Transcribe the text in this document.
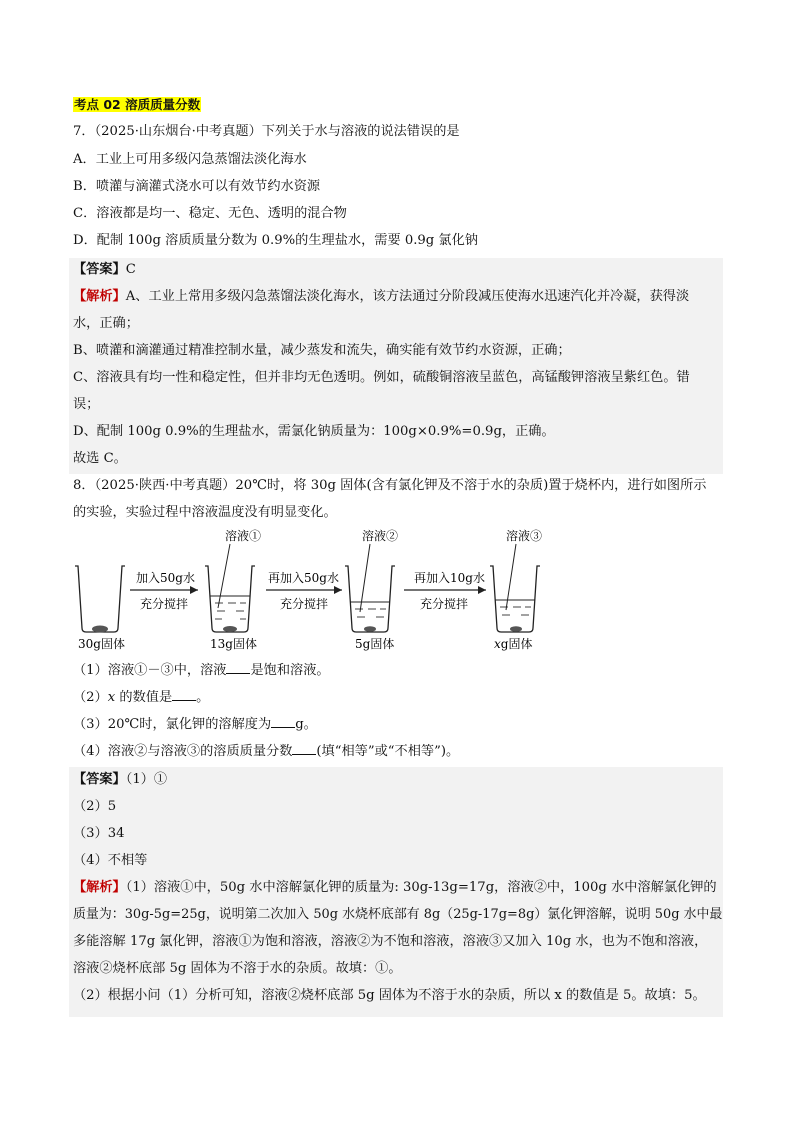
考点 02 溶质质量分数
7．（2025·山东烟台·中考真题）下列关于水与溶液的说法错误的是
A．工业上可用多级闪急蒸馏法淡化海水
B．喷灌与滴灌式浇水可以有效节约水资源
C．溶液都是均一、稳定、无色、透明的混合物
D．配制 100g 溶质质量分数为 0.9%的生理盐水，需要 0.9g 氯化钠
【答案】C
【解析】A、工业上常用多级闪急蒸馏法淡化海水，该方法通过分阶段减压使海水迅速汽化并冷凝，获得淡
水，正确；
B、喷灌和滴灌通过精准控制水量，减少蒸发和流失，确实能有效节约水资源，正确；
C、溶液具有均一性和稳定性，但并非均无色透明。例如，硫酸铜溶液呈蓝色，高锰酸钾溶液呈紫红色。错
误；
D、配制 100g 0.9%的生理盐水，需氯化钠质量为：100g×0.9%=0.9g，正确。
故选 C。
8．（2025·陕西·中考真题）20℃时，将 30g 固体(含有氯化钾及不溶于水的杂质)置于烧杯内，进行如图所示
的实验，实验过程中溶液温度没有明显变化。
30g固体
加入50g水
充分搅拌
溶液①
13g固体
再加入50g水
充分搅拌
溶液②
5g固体
再加入10g水
充分搅拌
溶液③
xg固体
（1）溶液①－③中，溶液 是饱和溶液。
（2）x 的数值是 。
（3）20℃时，氯化钾的溶解度为 g。
（4）溶液②与溶液③的溶质质量分数 (填“相等”或“不相等”)。
【答案】（1）①
（2）5
（3）34
（4）不相等
【解析】（1）溶液①中，50g 水中溶解氯化钾的质量为: 30g-13g=17g，溶液②中，100g 水中溶解氯化钾的
质量为：30g-5g=25g，说明第二次加入 50g 水烧杯底部有 8g（25g-17g=8g）氯化钾溶解，说明 50g 水中最
多能溶解 17g 氯化钾，溶液①为饱和溶液，溶液②为不饱和溶液，溶液③又加入 10g 水，也为不饱和溶液，
溶液②烧杯底部 5g 固体为不溶于水的杂质。故填：①。
（2）根据小问（1）分析可知，溶液②烧杯底部 5g 固体为不溶于水的杂质，所以 x 的数值是 5。故填：5。
